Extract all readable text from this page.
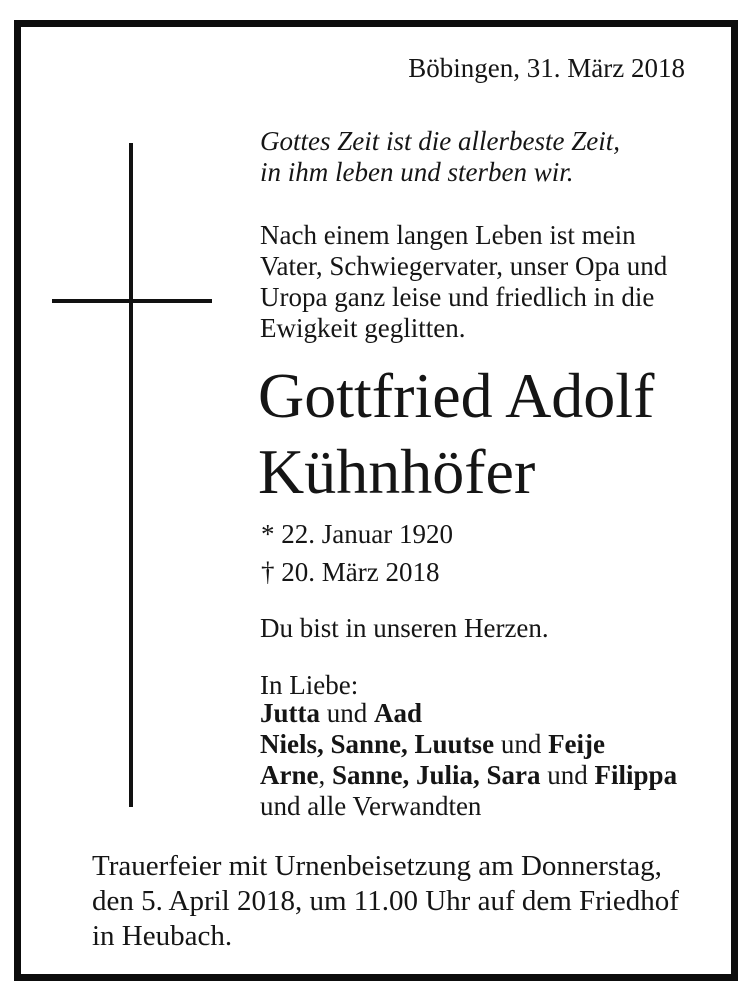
Böbingen, 31. März 2018
Gottes Zeit ist die allerbeste Zeit,
in ihm leben und sterben wir.
Nach einem langen Leben ist mein
Vater, Schwiegervater, unser Opa und
Uropa ganz leise und friedlich in die
Ewigkeit geglitten.
Gottfried Adolf
Kühnhöfer
* 22. Januar 1920
† 20. März 2018
Du bist in unseren Herzen.
In Liebe:
Jutta und Aad
Niels, Sanne, Luutse und Feije
Arne, Sanne, Julia, Sara und Filippa
und alle Verwandten
Trauerfeier mit Urnenbeisetzung am Donnerstag,
den 5. April 2018, um 11.00 Uhr auf dem Friedhof
in Heubach.
